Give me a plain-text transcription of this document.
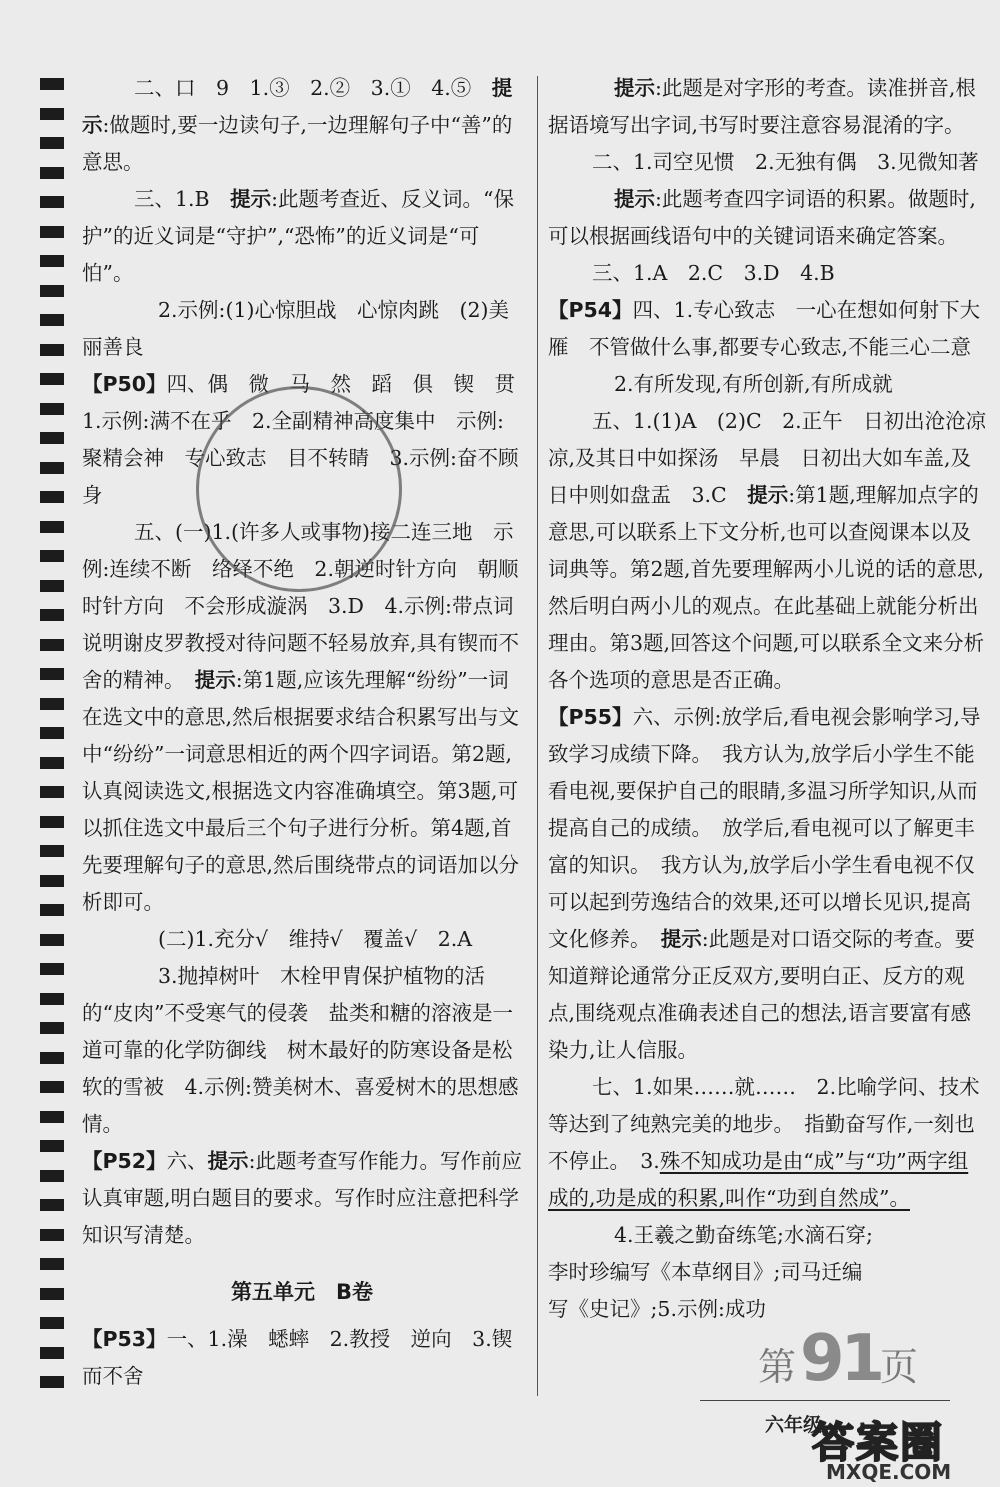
二、口　9　1.③　2.②　3.①　4.⑤　提示:做题时,要一边读句子,一边理解句子中“善”的意思。

三、1.B　提示:此题考查近、反义词。“保护”的近义词是“守护”,“恐怖”的近义词是“可怕”。

2.示例:(1)心惊胆战　心惊肉跳　(2)美丽善良

【P50】四、偶　微　马　然　蹈　俱　锲　贯　1.示例:满不在乎　2.全副精神高度集中　示例:聚精会神　专心致志　目不转睛　3.示例:奋不顾身

五、(一)1.(许多人或事物)接二连三地　示例:连续不断　络绎不绝　2.朝逆时针方向　朝顺时针方向　不会形成漩涡　3.D　4.示例:带点词说明谢皮罗教授对待问题不轻易放弃,具有锲而不舍的精神。　提示:第1题,应该先理解“纷纷”一词在选文中的意思,然后根据要求结合积累写出与文中“纷纷”一词意思相近的两个四字词语。第2题,认真阅读选文,根据选文内容准确填空。第3题,可以抓住选文中最后三个句子进行分析。第4题,首先要理解句子的意思,然后围绕带点的词语加以分析即可。

(二)1.充分√　维持√　覆盖√　2.A

3.抛掉树叶　木栓甲胄保护植物的活的“皮肉”不受寒气的侵袭　盐类和糖的溶液是一道可靠的化学防御线　树木最好的防寒设备是松软的雪被　4.示例:赞美树木、喜爱树木的思想感情。

【P52】六、提示:此题考查写作能力。写作前应认真审题,明白题目的要求。写作时应注意把科学知识写清楚。

第五单元　B卷

【P53】一、1.澡　蟋蟀　2.教授　逆向　3.锲而不舍

提示:此题是对字形的考查。读准拼音,根据语境写出字词,书写时要注意容易混淆的字。

二、1.司空见惯　2.无独有偶　3.见微知著

提示:此题考查四字词语的积累。做题时,可以根据画线语句中的关键词语来确定答案。

三、1.A　2.C　3.D　4.B

【P54】四、1.专心致志　一心在想如何射下大雁　不管做什么事,都要专心致志,不能三心二意

2.有所发现,有所创新,有所成就

五、1.(1)A　(2)C　2.正午　日初出沧沧凉凉,及其日中如探汤　早晨　日初出大如车盖,及日中则如盘盂　3.C　提示:第1题,理解加点字的意思,可以联系上下文分析,也可以查阅课本以及词典等。第2题,首先要理解两小儿说的话的意思,然后明白两小儿的观点。在此基础上就能分析出理由。第3题,回答这个问题,可以联系全文来分析各个选项的意思是否正确。

【P55】六、示例:放学后,看电视会影响学习,导致学习成绩下降。　我方认为,放学后小学生不能看电视,要保护自己的眼睛,多温习所学知识,从而提高自己的成绩。　放学后,看电视可以了解更丰富的知识。　我方认为,放学后小学生看电视不仅可以起到劳逸结合的效果,还可以增长见识,提高文化修养。　提示:此题是对口语交际的考查。要知道辩论通常分正反双方,要明白正、反方的观点,围绕观点准确表述自己的想法,语言要富有感染力,让人信服。

七、1.如果……就……　2.比喻学问、技术等达到了纯熟完美的地步。　指勤奋写作,一刻也不停止。　3.殊不知成功是由“成”与“功”两字组成的,功是成的积累,叫作“功到自然成”。

4.王羲之勤奋练笔;水滴石穿;李时珍编写《本草纲目》;司马迁编写《史记》;5.示例:成功

第 91
页
六年级
答案圈
MXQE.COM
